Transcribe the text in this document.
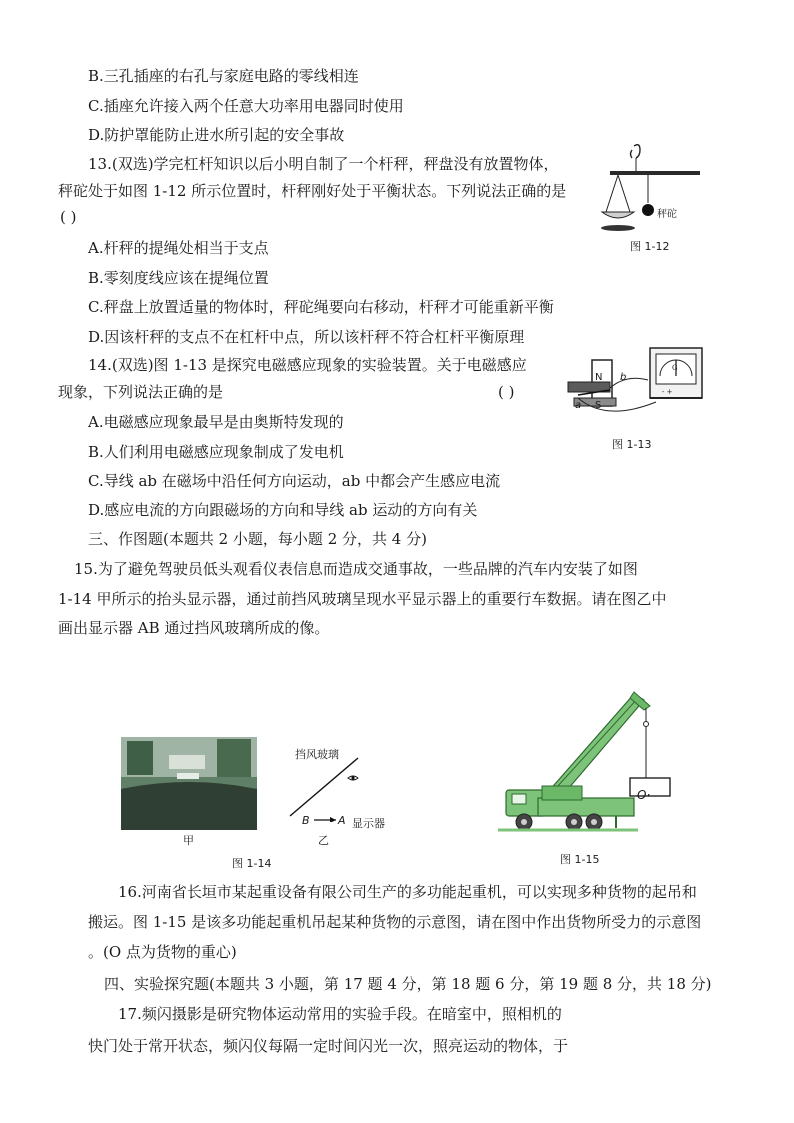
B.三孔插座的右孔与家庭电路的零线相连
C.插座允许接入两个任意大功率用电器同时使用
D.防护罩能防止进水所引起的安全事故
13.(双选)学完杠杆知识以后小明自制了一个杆秤，秤盘没有放置物体，
秤砣处于如图 1-12 所示位置时，杆秤刚好处于平衡状态。下列说法正确的是
( )
A.杆秤的提绳处相当于支点
B.零刻度线应该在提绳位置
C.秤盘上放置适量的物体时，秤砣绳要向右移动，杆秤才可能重新平衡
D.因该杆秤的支点不在杠杆中点，所以该杆秤不符合杠杆平衡原理
秤砣
图 1-12
14.(双选)图 1-13 是探究电磁感应现象的实验装置。关于电磁感应
现象，下列说法正确的是	( )
A.电磁感应现象最早是由奥斯特发现的
B.人们利用电磁感应现象制成了发电机
C.导线 ab 在磁场中沿任何方向运动，ab 中都会产生感应电流
D.感应电流的方向跟磁场的方向和导线 ab 运动的方向有关
G
- +
N
S
a
b
图 1-13
三、作图题(本题共 2 小题，每小题 2 分，共 4 分)
15.为了避免驾驶员低头观看仪表信息而造成交通事故，一些品牌的汽车内安装了如图
1-14 甲所示的抬头显示器，通过前挡风玻璃呈现水平显示器上的重要行车数据。请在图乙中
画出显示器 AB 通过挡风玻璃所成的像。
甲
挡风玻璃
B	A 显示器
乙
图 1-14
O·
图 1-15
16.河南省长垣市某起重设备有限公司生产的多功能起重机，可以实现多种货物的起吊和
搬运。图 1-15 是该多功能起重机吊起某种货物的示意图，请在图中作出货物所受力的示意图
。(O 点为货物的重心)
四、实验探究题(本题共 3 小题，第 17 题 4 分，第 18 题 6 分，第 19 题 8 分，共 18 分)
17.频闪摄影是研究物体运动常用的实验手段。在暗室中，照相机的
快门处于常开状态，频闪仪每隔一定时间闪光一次，照亮运动的物体，于
